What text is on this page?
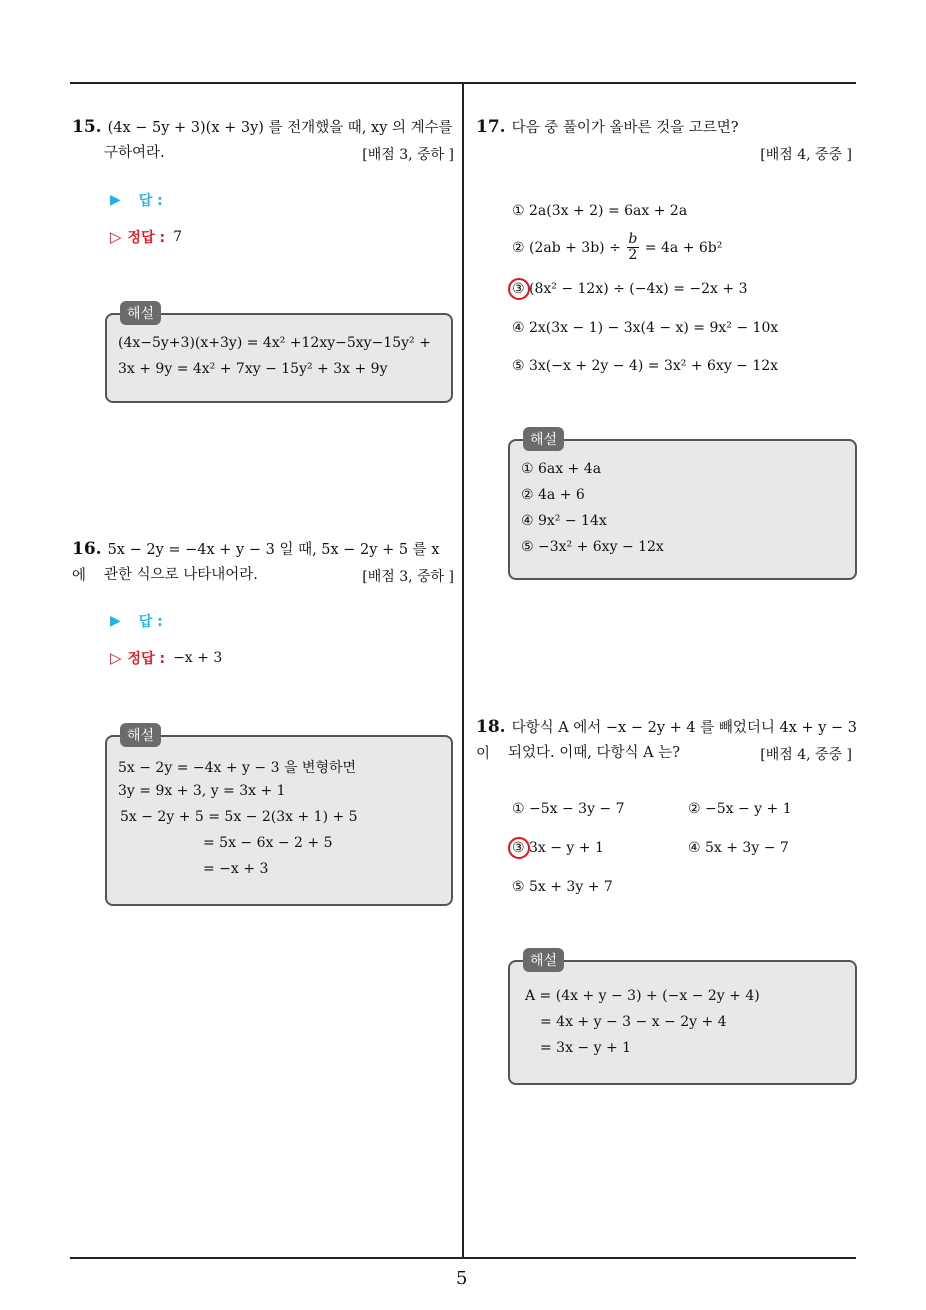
15. (4x − 5y + 3)(x + 3y) 를 전개했을 때, xy 의 계수를
구하여라.	[배점 3, 중하 ]
▶ 답 :
▷ 정답 : 7
해설
(4x−5y+3)(x+3y) = 4x² +12xy−5xy−15y² +
3x + 9y = 4x² + 7xy − 15y² + 3x + 9y
16. 5x − 2y = −4x + y − 3 일 때, 5x − 2y + 5 를 x 에	관한 식으로 나타내어라.	[배점 3, 중하 ]
▶ 답 :
▷ 정답 : −x + 3
해설
5x − 2y = −4x + y − 3 을 변형하면
3y = 9x + 3, y = 3x + 1
5x − 2y + 5 = 5x − 2(3x + 1) + 5
= 5x − 6x − 2 + 5
= −x + 3
17. 다음 중 풀이가 올바른 것을 고르면?
[배점 4, 중중 ]
① 2a(3x + 2) = 6ax + 2a
② (2ab + 3b) ÷
b
2 = 4a + 6b²
③ (8x² − 12x) ÷ (−4x) = −2x + 3
④ 2x(3x − 1) − 3x(4 − x) = 9x² − 10x
⑤ 3x(−x + 2y − 4) = 3x² + 6xy − 12x
해설
① 6ax + 4a
② 4a + 6
④ 9x² − 14x
⑤ −3x² + 6xy − 12x
18. 다항식 A 에서 −x − 2y + 4 를 빼었더니 4x + y − 3 이	되었다. 이때, 다항식 A 는?	[배점 4, 중중 ]
① −5x − 3y − 7	② −5x − y + 1
③ 3x − y + 1	④ 5x + 3y − 7
⑤ 5x + 3y + 7
해설
A = (4x + y − 3) + (−x − 2y + 4)
= 4x + y − 3 − x − 2y + 4
= 3x − y + 1
5
